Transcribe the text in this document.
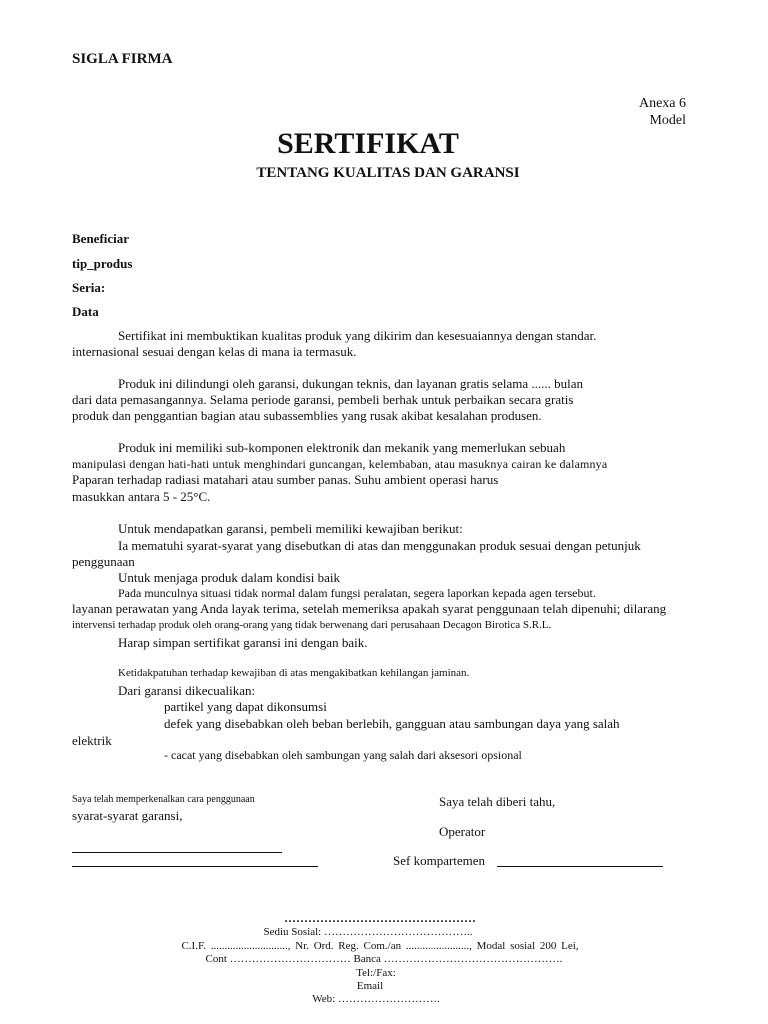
SIGLA FIRMA
Anexa 6
Model
SERTIFIKAT
TENTANG KUALITAS DAN GARANSI
Beneficiar
tip_produs
Seria:
Data
Sertifikat ini membuktikan kualitas produk yang dikirim dan kesesuaiannya dengan standar.
internasional sesuai dengan kelas di mana ia termasuk.
Produk ini dilindungi oleh garansi, dukungan teknis, dan layanan gratis selama ...... bulan
dari data pemasangannya. Selama periode garansi, pembeli berhak untuk perbaikan secara gratis
produk dan penggantian bagian atau subassemblies yang rusak akibat kesalahan produsen.
Produk ini memiliki sub-komponen elektronik dan mekanik yang memerlukan sebuah
manipulasi dengan hati-hati untuk menghindari guncangan, kelembaban, atau masuknya cairan ke dalamnya
Paparan terhadap radiasi matahari atau sumber panas. Suhu ambient operasi harus
masukkan antara 5 - 25°C.
Untuk mendapatkan garansi, pembeli memiliki kewajiban berikut:
Ia mematuhi syarat-syarat yang disebutkan di atas dan menggunakan produk sesuai dengan petunjuk
penggunaan
Untuk menjaga produk dalam kondisi baik
Pada munculnya situasi tidak normal dalam fungsi peralatan, segera laporkan kepada agen tersebut.
layanan perawatan yang Anda layak terima, setelah memeriksa apakah syarat penggunaan telah dipenuhi; dilarang
intervensi terhadap produk oleh orang-orang yang tidak berwenang dari perusahaan Decagon Birotica S.R.L.
Harap simpan sertifikat garansi ini dengan baik.
Ketidakpatuhan terhadap kewajiban di atas mengakibatkan kehilangan jaminan.
Dari garansi dikecualikan:
partikel yang dapat dikonsumsi
defek yang disebabkan oleh beban berlebih, gangguan atau sambungan daya yang salah
elektrik
- cacat yang disebabkan oleh sambungan yang salah dari aksesori opsional
Saya telah memperkenalkan cara penggunaan
syarat-syarat garansi,
Saya telah diberi tahu,
Operator
Sef kompartemen
…………………………………………
Sediu Sosial: …………………………………..
C.I.F. ............................, Nr. Ord. Reg. Com./an ......................., Modal sosial 200 Lei,
Cont …………………………… Banca ………………………………………….
Tel:/Fax:
Email
Web: ……………………….
